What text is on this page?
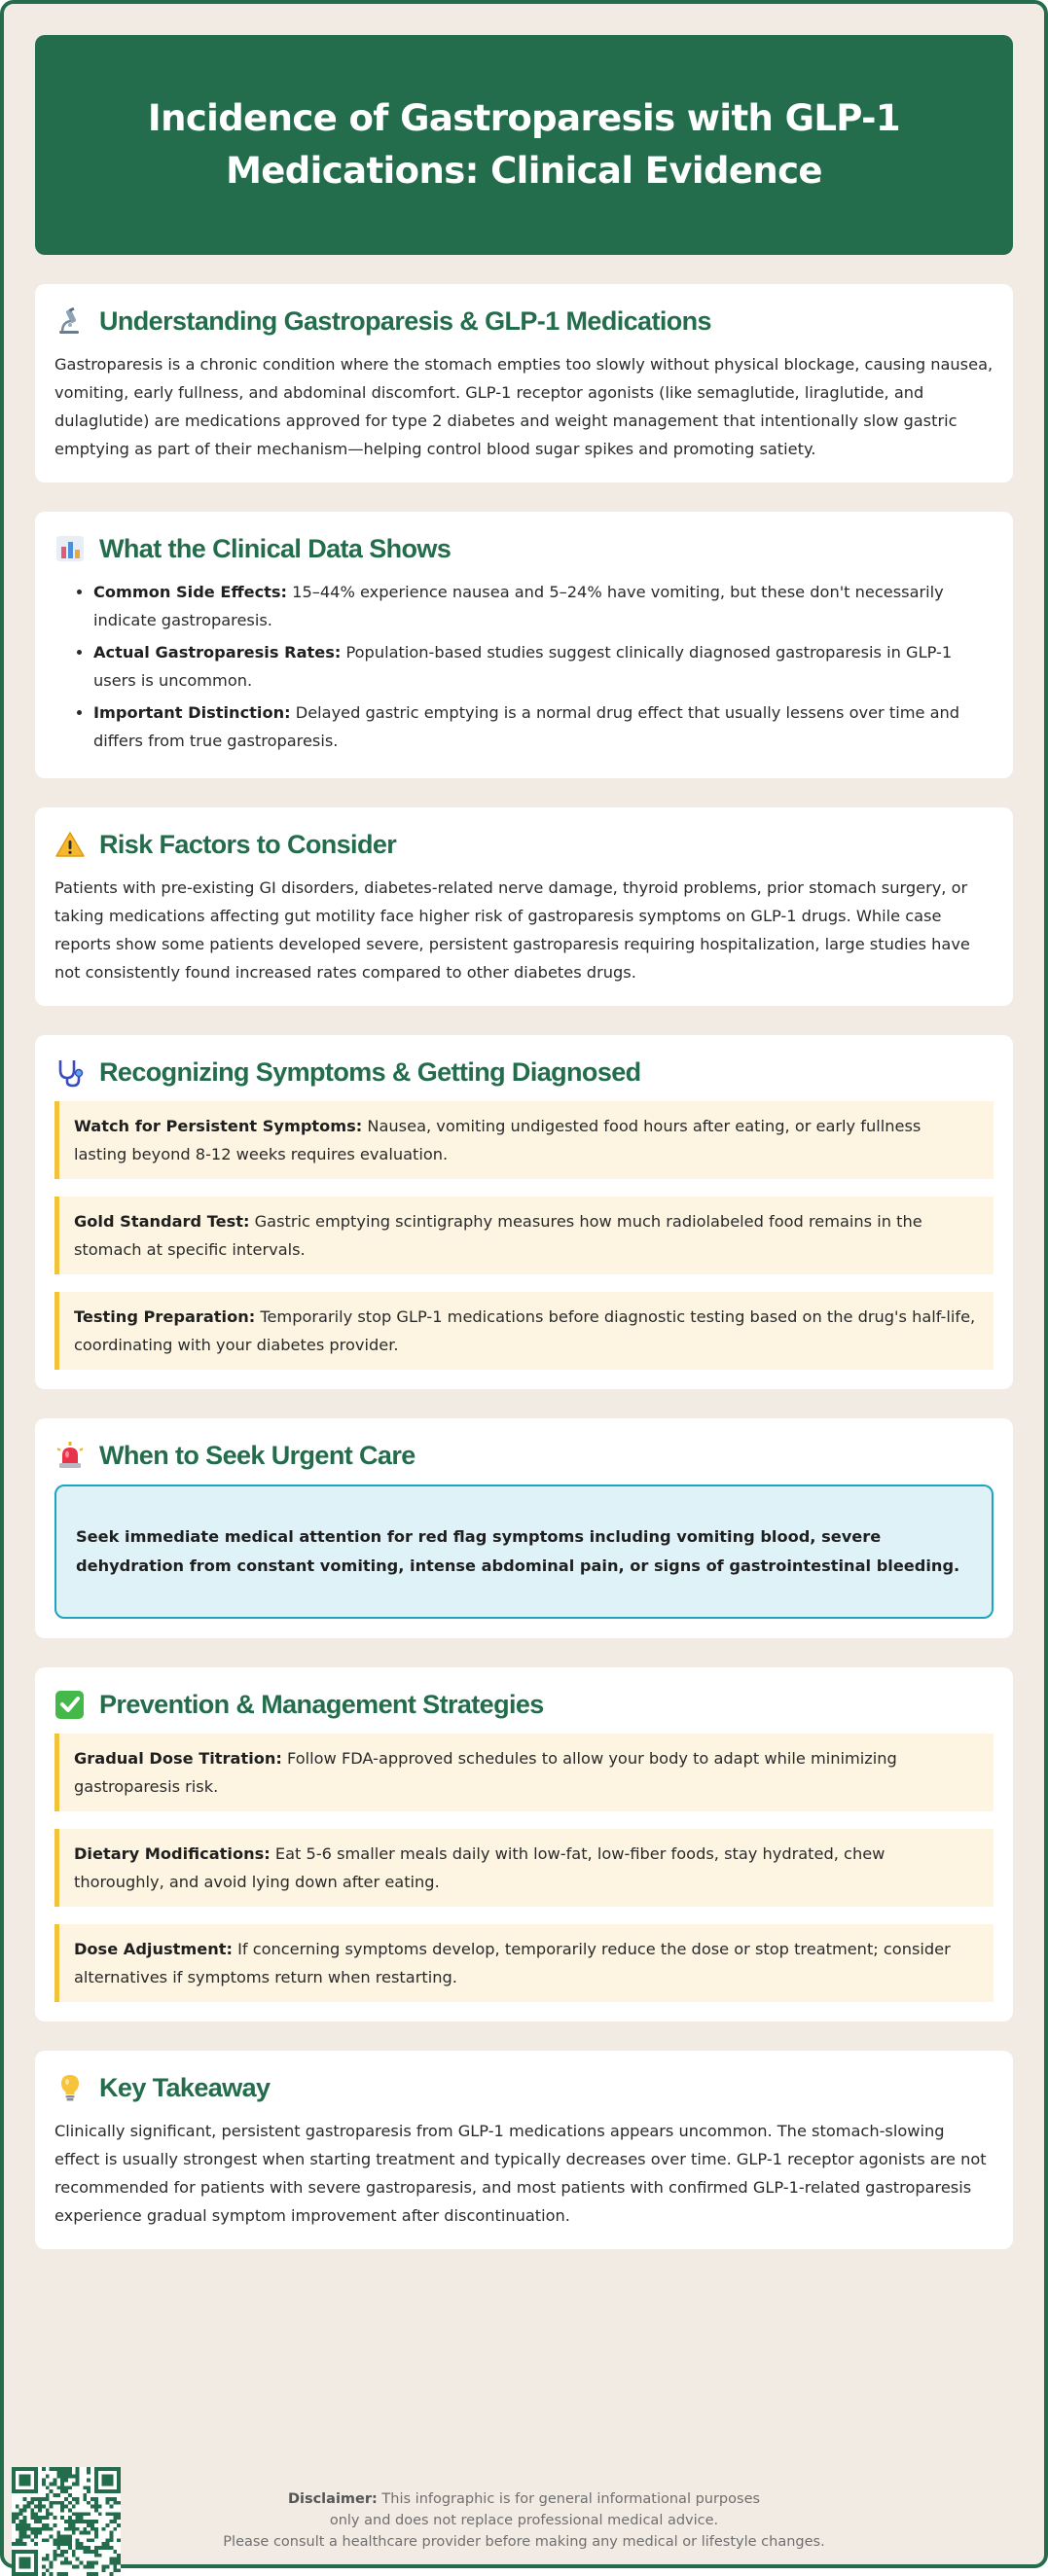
Incidence of Gastroparesis with GLP-1 Medications: Clinical Evidence
Understanding Gastroparesis & GLP-1 Medications

Gastroparesis is a chronic condition where the stomach empties too slowly without physical blockage, causing nausea, vomiting, early fullness, and abdominal discomfort. GLP-1 receptor agonists (like semaglutide, liraglutide, and dulaglutide) are medications approved for type 2 diabetes and weight management that intentionally slow gastric emptying as part of their mechanism—helping control blood sugar spikes and promoting satiety.

What the Clinical Data Shows
• Common Side Effects: 15–44% experience nausea and 5–24% have vomiting, but these don't necessarily indicate gastroparesis.
• Actual Gastroparesis Rates: Population-based studies suggest clinically diagnosed gastroparesis in GLP-1 users is uncommon.
• Important Distinction: Delayed gastric emptying is a normal drug effect that usually lessens over time and differs from true gastroparesis.
Risk Factors to Consider

Patients with pre-existing GI disorders, diabetes-related nerve damage, thyroid problems, prior stomach surgery, or taking medications affecting gut motility face higher risk of gastroparesis symptoms on GLP-1 drugs. While case reports show some patients developed severe, persistent gastroparesis requiring hospitalization, large studies have not consistently found increased rates compared to other diabetes drugs.

Recognizing Symptoms & Getting Diagnosed
Watch for Persistent Symptoms: Nausea, vomiting undigested food hours after eating, or early fullness lasting beyond 8-12 weeks requires evaluation.
Gold Standard Test: Gastric emptying scintigraphy measures how much radiolabeled food remains in the stomach at specific intervals.
Testing Preparation: Temporarily stop GLP-1 medications before diagnostic testing based on the drug's half-life, coordinating with your diabetes provider.
When to Seek Urgent Care
Seek immediate medical attention for red flag symptoms including vomiting blood, severe dehydration from constant vomiting, intense abdominal pain, or signs of gastrointestinal bleeding.
Prevention & Management Strategies
Gradual Dose Titration: Follow FDA-approved schedules to allow your body to adapt while minimizing gastroparesis risk.
Dietary Modifications: Eat 5-6 smaller meals daily with low-fat, low-fiber foods, stay hydrated, chew thoroughly, and avoid lying down after eating.
Dose Adjustment: If concerning symptoms develop, temporarily reduce the dose or stop treatment; consider alternatives if symptoms return when restarting.
Key Takeaway

Clinically significant, persistent gastroparesis from GLP-1 medications appears uncommon. The stomach-slowing effect is usually strongest when starting treatment and typically decreases over time. GLP-1 receptor agonists are not recommended for patients with severe gastroparesis, and most patients with confirmed GLP-1-related gastroparesis experience gradual symptom improvement after discontinuation.

Disclaimer: This infographic is for general informational purposes
only and does not replace professional medical advice.
Please consult a healthcare provider before making any medical or lifestyle changes.
